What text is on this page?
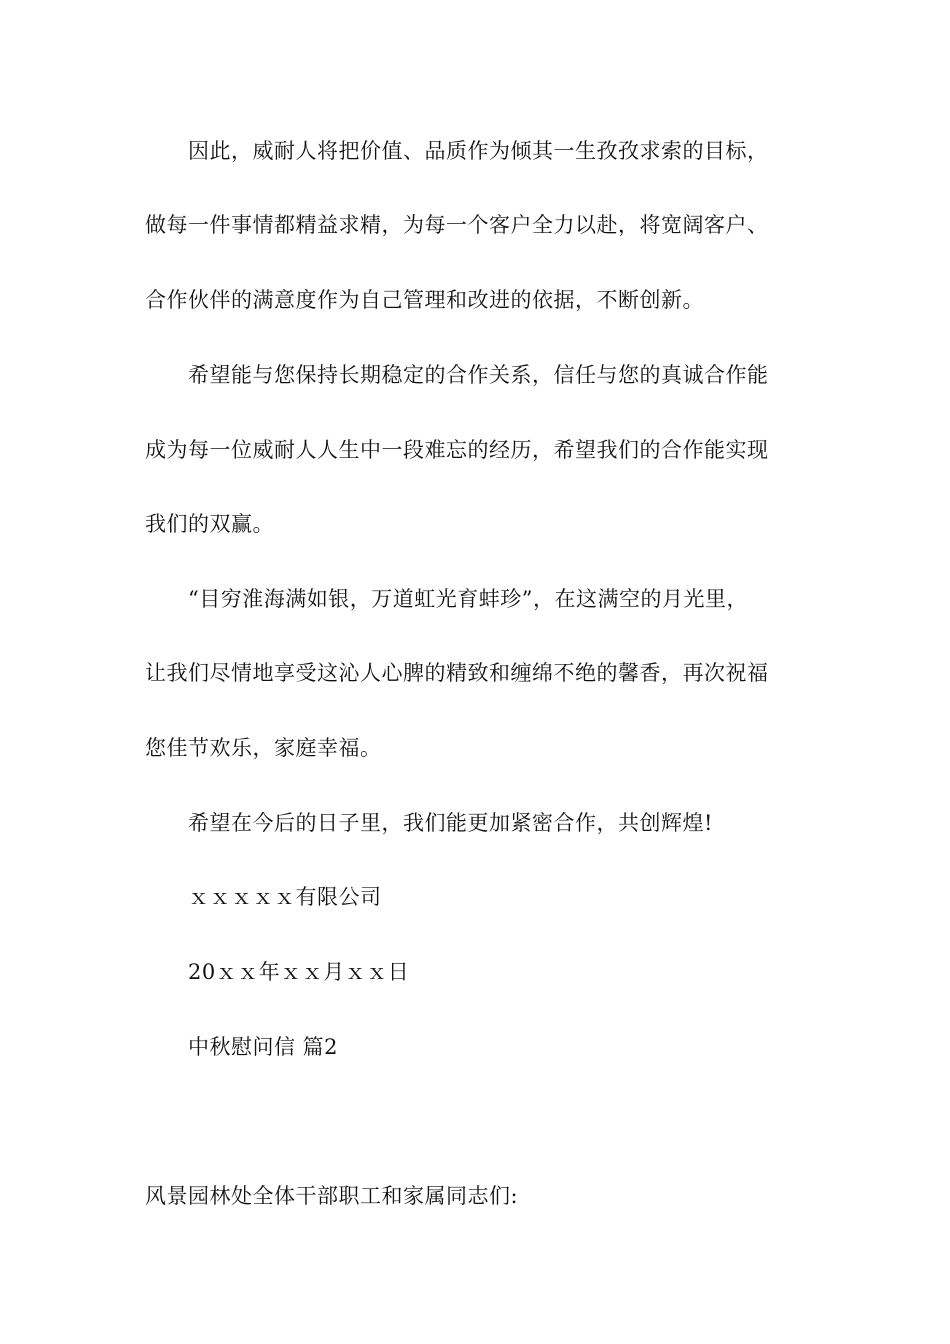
因此，威耐人将把价值、品质作为倾其一生孜孜求索的目标，
做每一件事情都精益求精，为每一个客户全力以赴，将宽阔客户、
合作伙伴的满意度作为自己管理和改进的依据，不断创新。
希望能与您保持长期稳定的合作关系，信任与您的真诚合作能
成为每一位威耐人人生中一段难忘的经历，希望我们的合作能实现
我们的双赢。
“目穷淮海满如银，万道虹光育蚌珍”，在这满空的月光里，
让我们尽情地享受这沁人心脾的精致和缠绵不绝的馨香，再次祝福
您佳节欢乐，家庭幸福。
希望在今后的日子里，我们能更加紧密合作，共创辉煌!
ｘｘｘｘｘ有限公司
20ｘｘ年ｘｘ月ｘｘ日
中秋慰问信 篇2
风景园林处全体干部职工和家属同志们:
